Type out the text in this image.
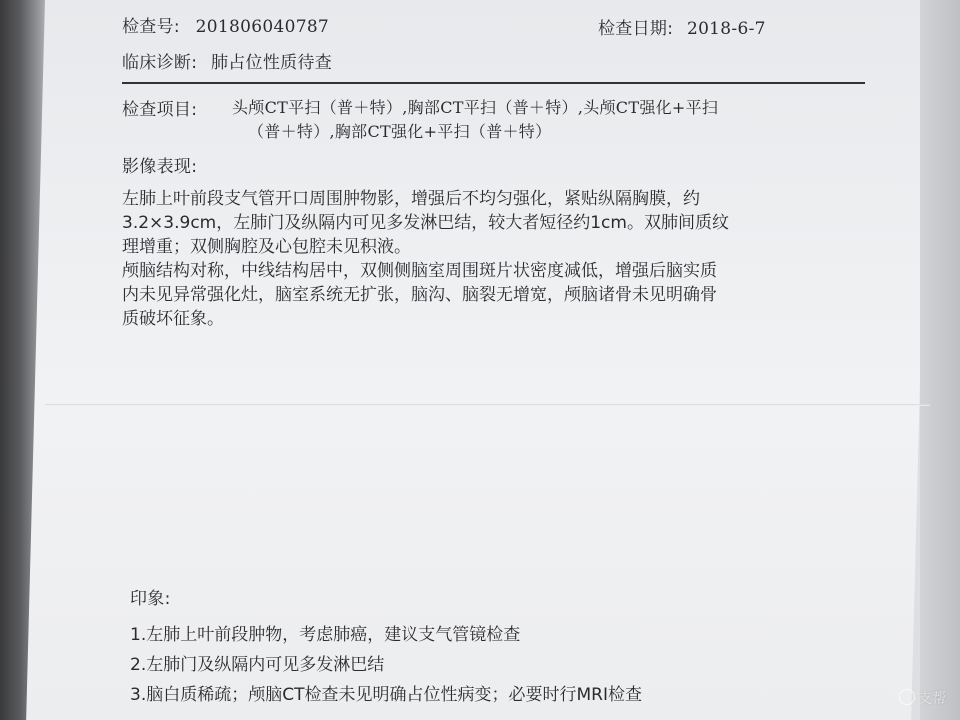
检查号: 201806040787	检查日期: 2018-6-7
临床诊断: 肺占位性质待查
检查项目: 头颅CT平扫（普＋特）,胸部CT平扫（普＋特）,头颅CT强化+平扫
（普＋特）,胸部CT强化+平扫（普＋特）
影像表现:
左肺上叶前段支气管开口周围肿物影，增强后不均匀强化，紧贴纵隔胸膜，约
3.2×3.9cm，左肺门及纵隔内可见多发淋巴结，较大者短径约1cm。双肺间质纹
理增重；双侧胸腔及心包腔未见积液。
颅脑结构对称，中线结构居中，双侧侧脑室周围斑片状密度减低，增强后脑实质
内未见异常强化灶，脑室系统无扩张，脑沟、脑裂无增宽，颅脑诸骨未见明确骨
质破坏征象。
印象:
1.左肺上叶前段肿物，考虑肺癌，建议支气管镜检查
2.左肺门及纵隔内可见多发淋巴结
3.脑白质稀疏；颅脑CT检查未见明确占位性病变；必要时行MRI检查	支帮
